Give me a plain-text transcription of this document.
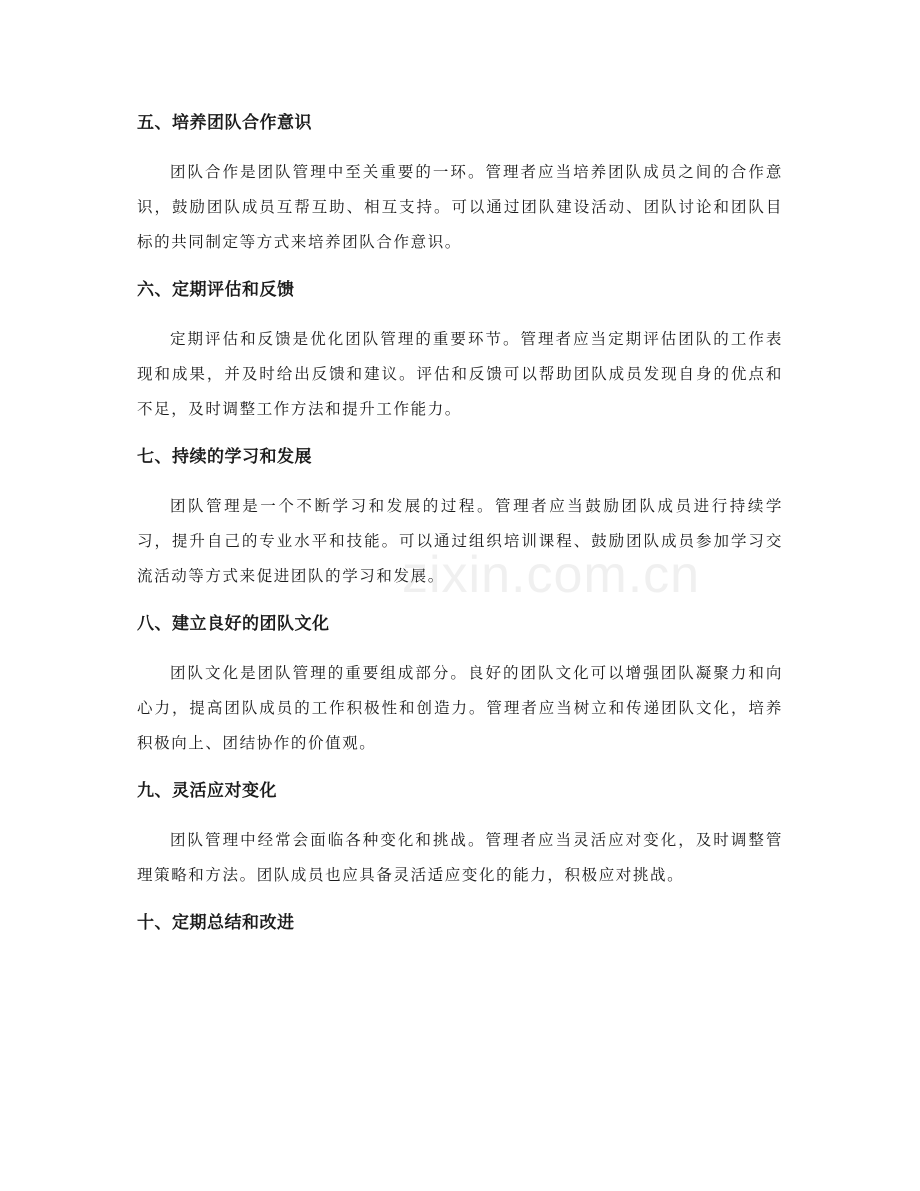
五、培养团队合作意识

团队合作是团队管理中至关重要的一环。管理者应当培养团队成员之间的合作意识，鼓励团队成员互帮互助、相互支持。可以通过团队建设活动、团队讨论和团队目标的共同制定等方式来培养团队合作意识。

六、定期评估和反馈

定期评估和反馈是优化团队管理的重要环节。管理者应当定期评估团队的工作表现和成果，并及时给出反馈和建议。评估和反馈可以帮助团队成员发现自身的优点和不足，及时调整工作方法和提升工作能力。

七、持续的学习和发展

团队管理是一个不断学习和发展的过程。管理者应当鼓励团队成员进行持续学习，提升自己的专业水平和技能。可以通过组织培训课程、鼓励团队成员参加学习交流活动等方式来促进团队的学习和发展。

八、建立良好的团队文化

团队文化是团队管理的重要组成部分。良好的团队文化可以增强团队凝聚力和向心力，提高团队成员的工作积极性和创造力。管理者应当树立和传递团队文化，培养积极向上、团结协作的价值观。

九、灵活应对变化

团队管理中经常会面临各种变化和挑战。管理者应当灵活应对变化，及时调整管理策略和方法。团队成员也应具备灵活适应变化的能力，积极应对挑战。

十、定期总结和改进
zixin.com.cn
